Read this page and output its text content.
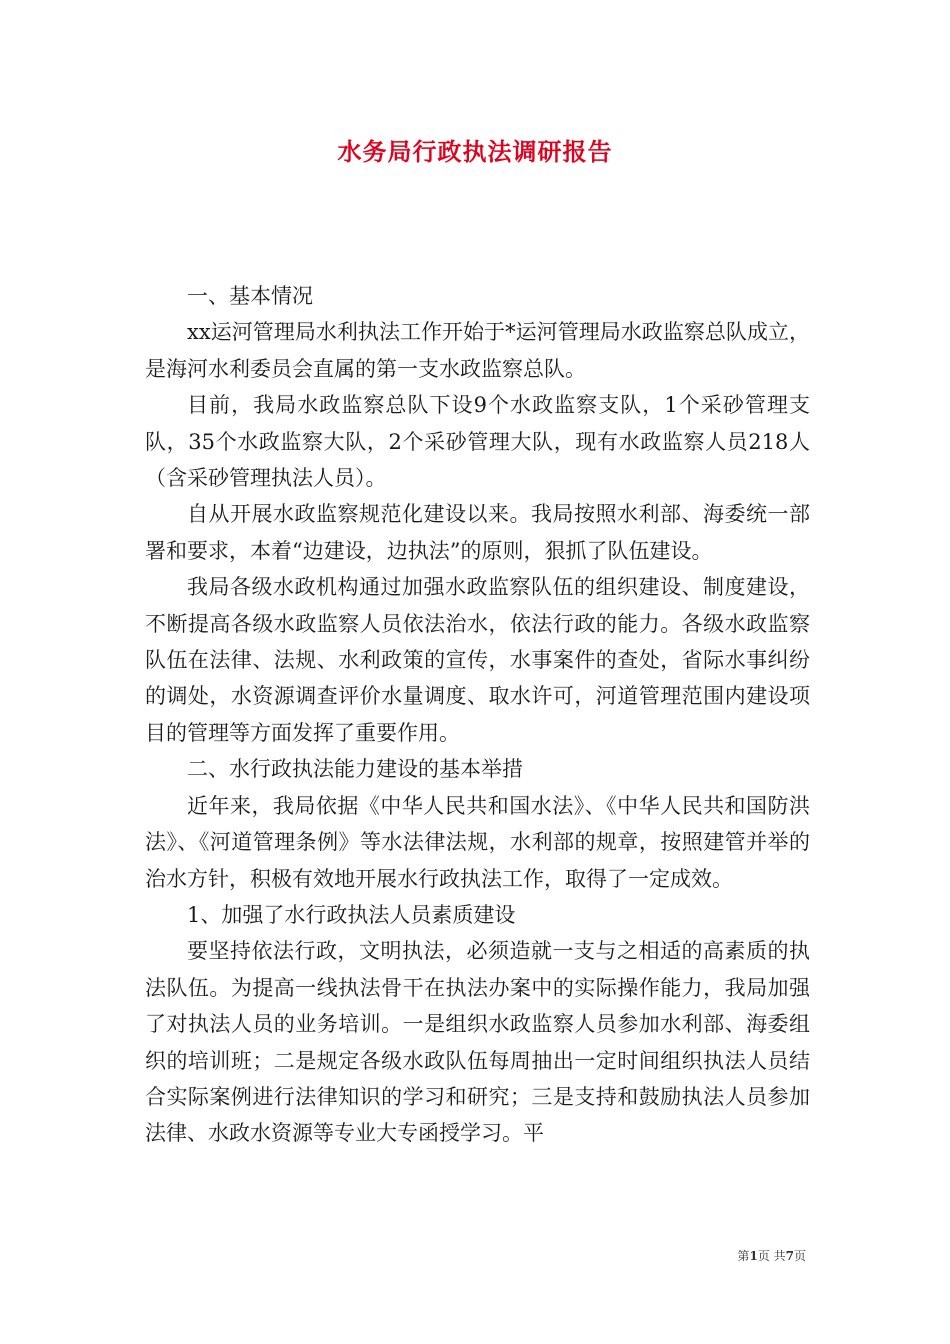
水务局行政执法调研报告

一、基本情况

xx运河管理局水利执法工作开始于*运河管理局水政监察总队成立，是海河水利委员会直属的第一支水政监察总队。

目前，我局水政监察总队下设9个水政监察支队，1个采砂管理支队，35个水政监察大队，2个采砂管理大队，现有水政监察人员218人（含采砂管理执法人员）。

自从开展水政监察规范化建设以来。我局按照水利部、海委统一部署和要求，本着“边建设，边执法”的原则，狠抓了队伍建设。

我局各级水政机构通过加强水政监察队伍的组织建设、制度建设，不断提高各级水政监察人员依法治水，依法行政的能力。各级水政监察队伍在法律、法规、水利政策的宣传，水事案件的查处，省际水事纠纷的调处，水资源调查评价水量调度、取水许可，河道管理范围内建设项目的管理等方面发挥了重要作用。

二、水行政执法能力建设的基本举措

近年来，我局依据《中华人民共和国水法》、《中华人民共和国防洪法》、《河道管理条例》等水法律法规，水利部的规章，按照建管并举的治水方针，积极有效地开展水行政执法工作，取得了一定成效。

1、加强了水行政执法人员素质建设

要坚持依法行政，文明执法，必须造就一支与之相适的高素质的执法队伍。为提高一线执法骨干在执法办案中的实际操作能力，我局加强了对执法人员的业务培训。一是组织水政监察人员参加水利部、海委组织的培训班；二是规定各级水政队伍每周抽出一定时间组织执法人员结合实际案例进行法律知识的学习和研究；三是支持和鼓励执法人员参加法律、水政水资源等专业大专函授学习。平

第1页 共7页
